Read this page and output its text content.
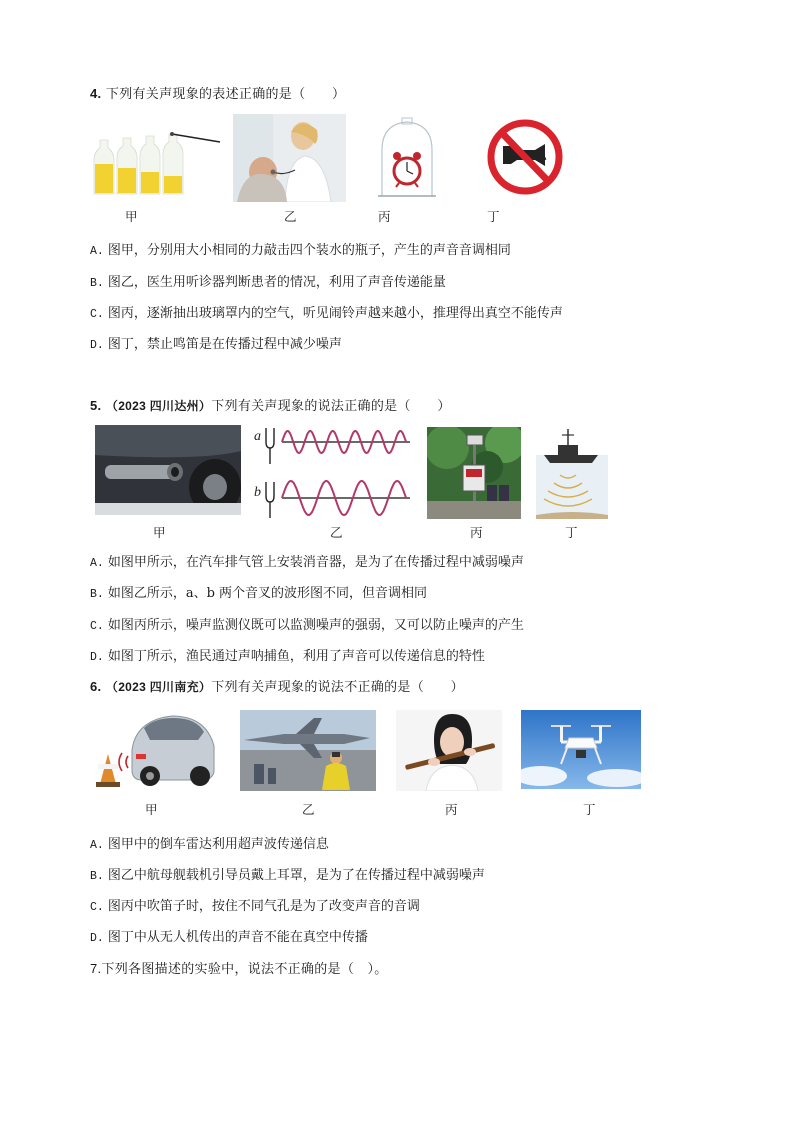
4. 下列有关声现象的表述正确的是（　　）
甲	乙	丙	丁
A. 图甲，分别用大小相同的力敲击四个装水的瓶子，产生的声音音调相同
B. 图乙，医生用听诊器判断患者的情况，利用了声音传递能量
C. 图丙，逐渐抽出玻璃罩内的空气，听见闹铃声越来越小，推理得出真空不能传声
D. 图丁，禁止鸣笛是在传播过程中减少噪声
5. （2023 四川达州）下列有关声现象的说法正确的是（　　）
甲
a
b
乙	丙	丁
A. 如图甲所示，在汽车排气管上安装消音器，是为了在传播过程中减弱噪声
B. 如图乙所示，a、b 两个音叉的波形图不同，但音调相同
C. 如图丙所示，噪声监测仪既可以监测噪声的强弱，又可以防止噪声的产生
D. 如图丁所示，渔民通过声呐捕鱼，利用了声音可以传递信息的特性
6. （2023 四川南充）下列有关声现象的说法不正确的是（　　）
甲	乙	丙	丁
A. 图甲中的倒车雷达利用超声波传递信息
B. 图乙中航母舰载机引导员戴上耳罩，是为了在传播过程中减弱噪声
C. 图丙中吹笛子时，按住不同气孔是为了改变声音的音调
D. 图丁中从无人机传出的声音不能在真空中传播
7.下列各图描述的实验中，说法不正确的是（　）。
